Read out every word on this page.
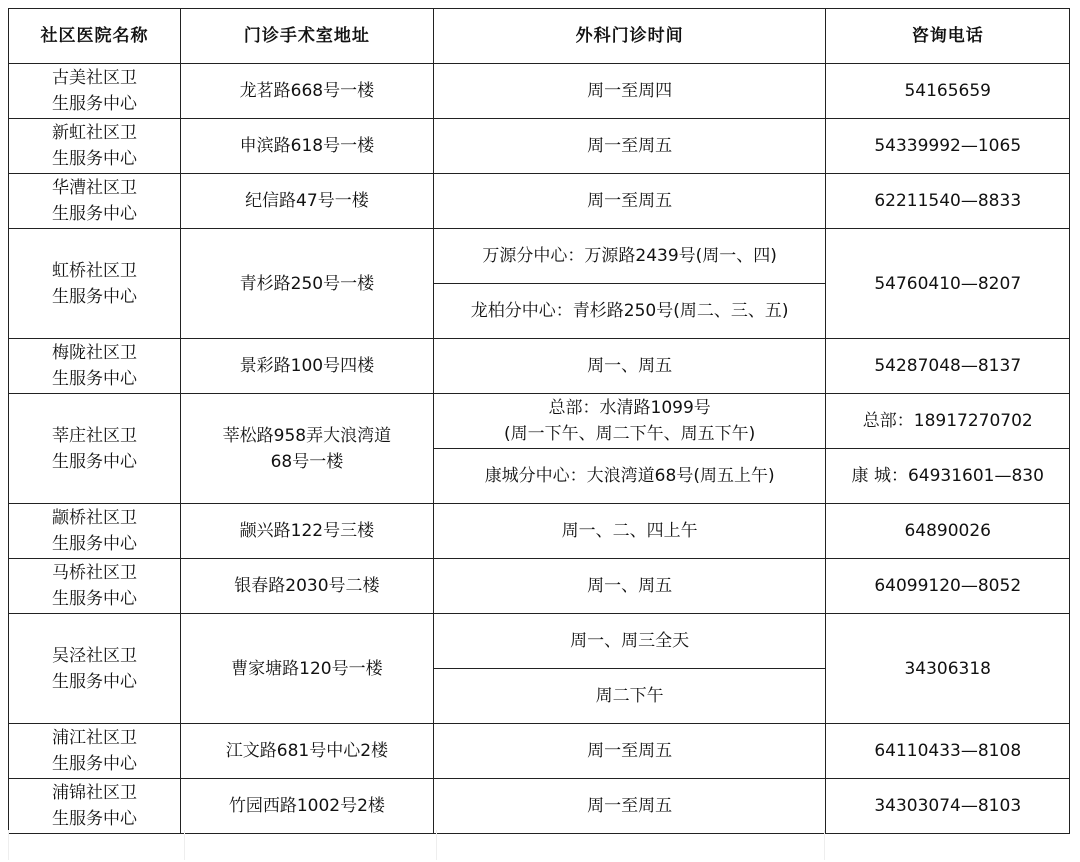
社区医院名称	门诊手术室地址	外科门诊时间	咨询电话

古美社区卫
生服务中心	龙茗路668号一楼	周一至周四	54165659

新虹社区卫
生服务中心	申滨路618号一楼	周一至周五	54339992—1065

华漕社区卫
生服务中心	纪信路47号一楼	周一至周五	62211540—8833

虹桥社区卫
生服务中心	青杉路250号一楼	万源分中心：万源路2439号(周一、四)	54760410—8207
		龙柏分中心：青杉路250号(周二、三、五)	

梅陇社区卫
生服务中心	景彩路100号四楼	周一、周五	54287048—8137

莘庄社区卫
生服务中心	莘松路958弄大浪湾道
68号一楼	总部：水清路1099号
(周一下午、周二下午、周五下午)	总部：18917270702
		康城分中心：大浪湾道68号(周五上午)	康 城：64931601—830

颛桥社区卫
生服务中心	颛兴路122号三楼	周一、二、四上午	64890026

马桥社区卫
生服务中心	银春路2030号二楼	周一、周五	64099120—8052

吴泾社区卫
生服务中心	曹家塘路120号一楼	周一、周三全天	34306318
		周二下午	

浦江社区卫
生服务中心	江文路681号中心2楼	周一至周五	64110433—8108

浦锦社区卫
生服务中心	竹园西路1002号2楼	周一至周五	34303074—8103
